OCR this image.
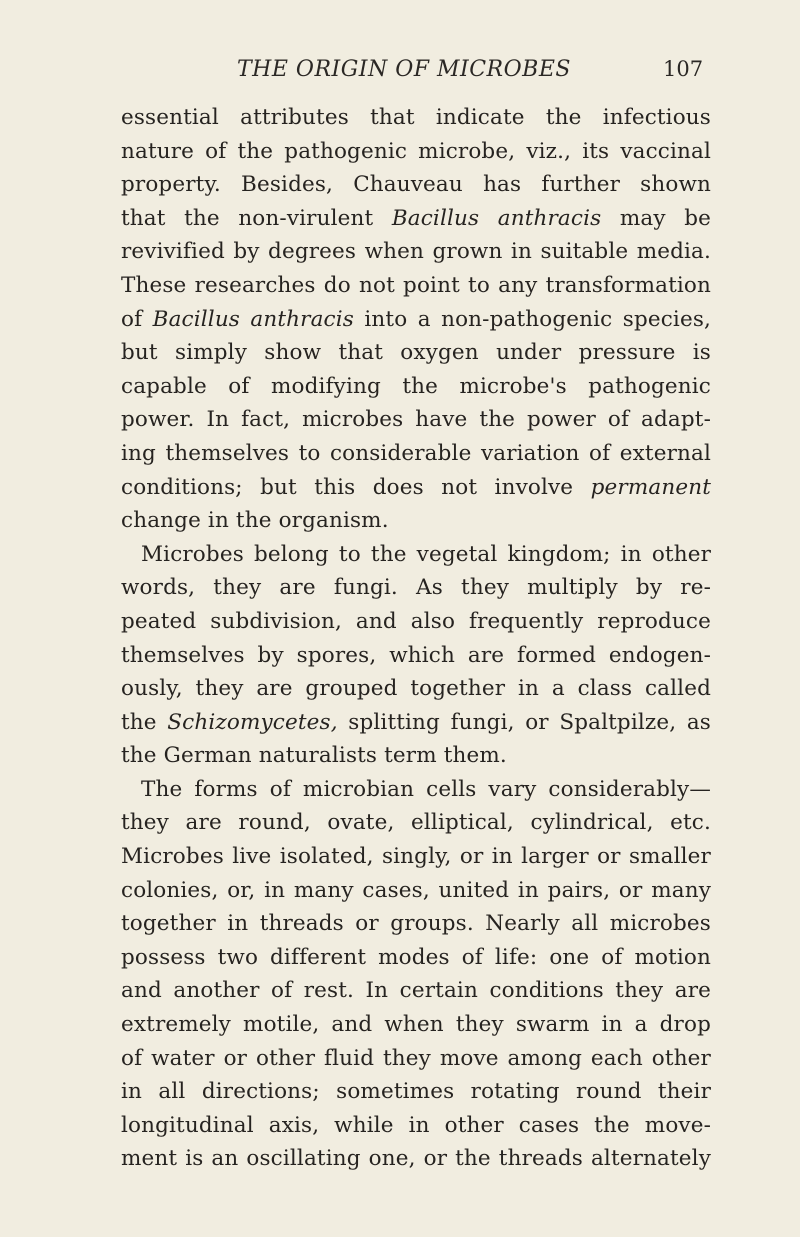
THE ORIGIN OF MICROBES	107
essential attributes that indicate the infectious
nature of the pathogenic microbe, viz., its vaccinal
property. Besides, Chauveau has further shown
that the non-virulent Bacillus anthracis may be
revivified by degrees when grown in suitable media.
These researches do not point to any transformation
of Bacillus anthracis into a non-pathogenic species,
but simply show that oxygen under pressure is
capable of modifying the microbe's pathogenic
power. In fact, microbes have the power of adapt-
ing themselves to considerable variation of external
conditions; but this does not involve permanent
change in the organism.
Microbes belong to the vegetal kingdom; in other
words, they are fungi. As they multiply by re-
peated subdivision, and also frequently reproduce
themselves by spores, which are formed endogen-
ously, they are grouped together in a class called
the Schizomycetes, splitting fungi, or Spaltpilze, as
the German naturalists term them.
The forms of microbian cells vary considerably—
they are round, ovate, elliptical, cylindrical, etc.
Microbes live isolated, singly, or in larger or smaller
colonies, or, in many cases, united in pairs, or many
together in threads or groups. Nearly all microbes
possess two different modes of life: one of motion
and another of rest. In certain conditions they are
extremely motile, and when they swarm in a drop
of water or other fluid they move among each other
in all directions; sometimes rotating round their
longitudinal axis, while in other cases the move-
ment is an oscillating one, or the threads alternately
